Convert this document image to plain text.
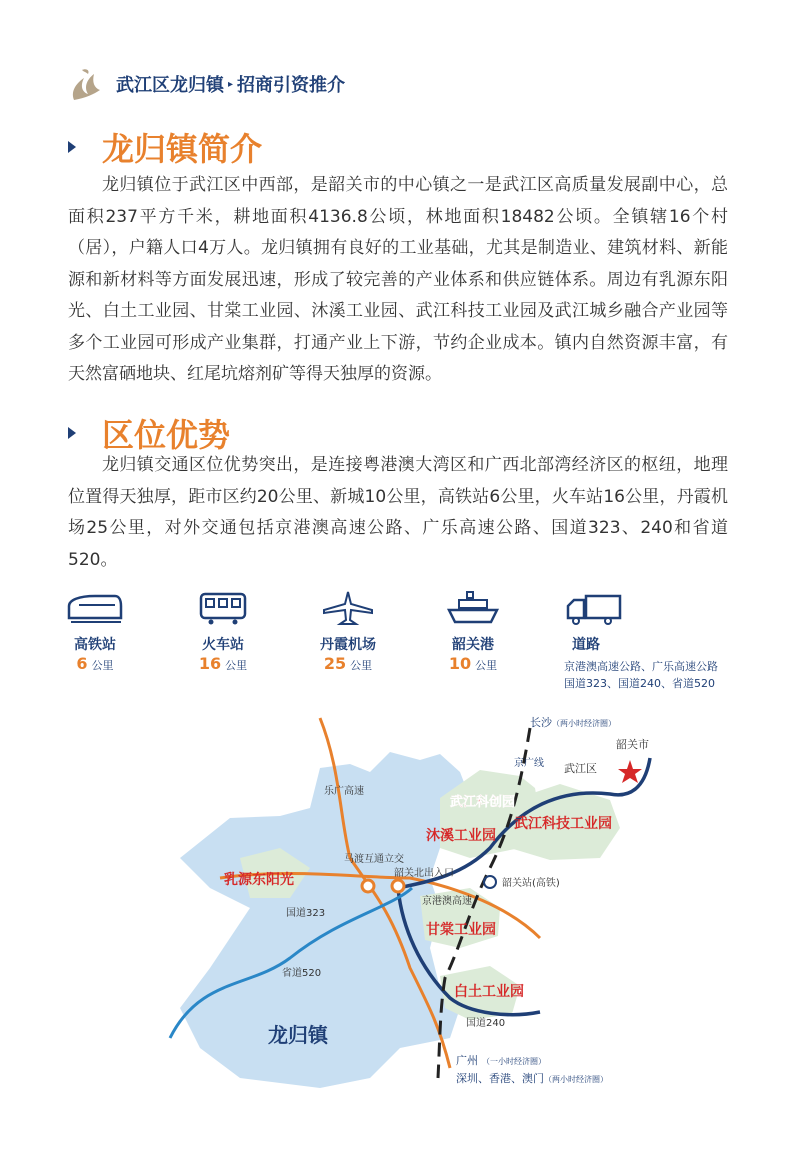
武江区龙归镇 ▸ 招商引资推介
龙归镇简介

龙归镇位于武江区中西部，是韶关市的中心镇之一是武江区高质量发展副中心，总面积237平方千米，耕地面积4136.8公顷，林地面积18482公顷。全镇辖16个村（居），户籍人口4万人。龙归镇拥有良好的工业基础，尤其是制造业、建筑材料、新能源和新材料等方面发展迅速，形成了较完善的产业体系和供应链体系。周边有乳源东阳光、白土工业园、甘棠工业园、沐溪工业园、武江科技工业园及武江城乡融合产业园等多个工业园可形成产业集群，打通产业上下游，节约企业成本。镇内自然资源丰富，有天然富硒地块、红尾坑熔剂矿等得天独厚的资源。

区位优势

龙归镇交通区位优势突出，是连接粤港澳大湾区和广西北部湾经济区的枢纽，地理位置得天独厚，距市区约20公里、新城10公里，高铁站6公里，火车站16公里，丹霞机场25公里，对外交通包括京港澳高速公路、广乐高速公路、国道323、240和省道520。

高铁站
6 公里
火车站
16 公里
丹霞机场
25 公里
韶关港
10 公里
道路
京港澳高速公路、广乐高速公路
国道323、国道240、省道520
长沙 （两小时经济圈）
京广线 武江区
韶关市
乐广高速
武江科创园
沐溪工业园
武江科技工业园
马渡互通立交
韶关北出入口
乳源东阳光	韶关站(高铁)
国道323
京港澳高速
甘棠工业园
省道520
白土工业园
国道240
龙归镇
广州 （一小时经济圈）
深圳、香港、澳门 （两小时经济圈）
